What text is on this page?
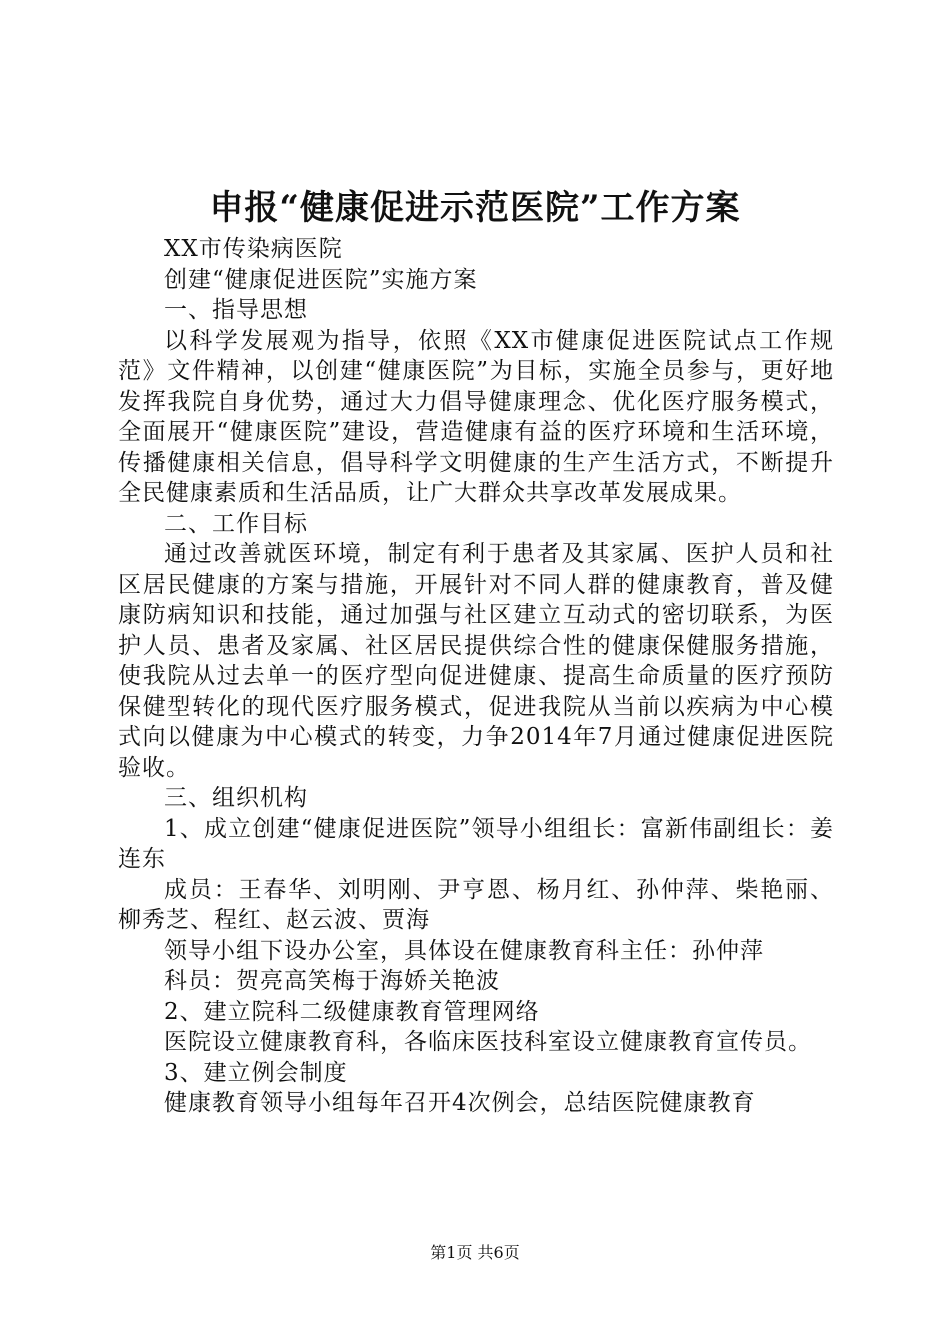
申报“健康促进示范医院”工作方案

XX市传染病医院

创建“健康促进医院”实施方案

一、指导思想

以科学发展观为指导，依照《XX市健康促进医院试点工作规范》文件精神，以创建“健康医院”为目标，实施全员参与，更好地发挥我院自身优势，通过大力倡导健康理念、优化医疗服务模式，全面展开“健康医院”建设，营造健康有益的医疗环境和生活环境，传播健康相关信息，倡导科学文明健康的生产生活方式，不断提升全民健康素质和生活品质，让广大群众共享改革发展成果。

二、工作目标

通过改善就医环境，制定有利于患者及其家属、医护人员和社区居民健康的方案与措施，开展针对不同人群的健康教育，普及健康防病知识和技能，通过加强与社区建立互动式的密切联系，为医护人员、患者及家属、社区居民提供综合性的健康保健服务措施，使我院从过去单一的医疗型向促进健康、提高生命质量的医疗预防保健型转化的现代医疗服务模式，促进我院从当前以疾病为中心模式向以健康为中心模式的转变，力争2014年7月通过健康促进医院验收。

三、组织机构

1、成立创建“健康促进医院”领导小组组长：富新伟副组长：姜连东

成员：王春华、刘明刚、尹亨恩、杨月红、孙仲萍、柴艳丽、柳秀芝、程红、赵云波、贾海

领导小组下设办公室，具体设在健康教育科主任：孙仲萍

科员：贺亮高笑梅于海娇关艳波

2、建立院科二级健康教育管理网络

医院设立健康教育科，各临床医技科室设立健康教育宣传员。

3、建立例会制度

健康教育领导小组每年召开4次例会，总结医院健康教育

第1页 共6页
